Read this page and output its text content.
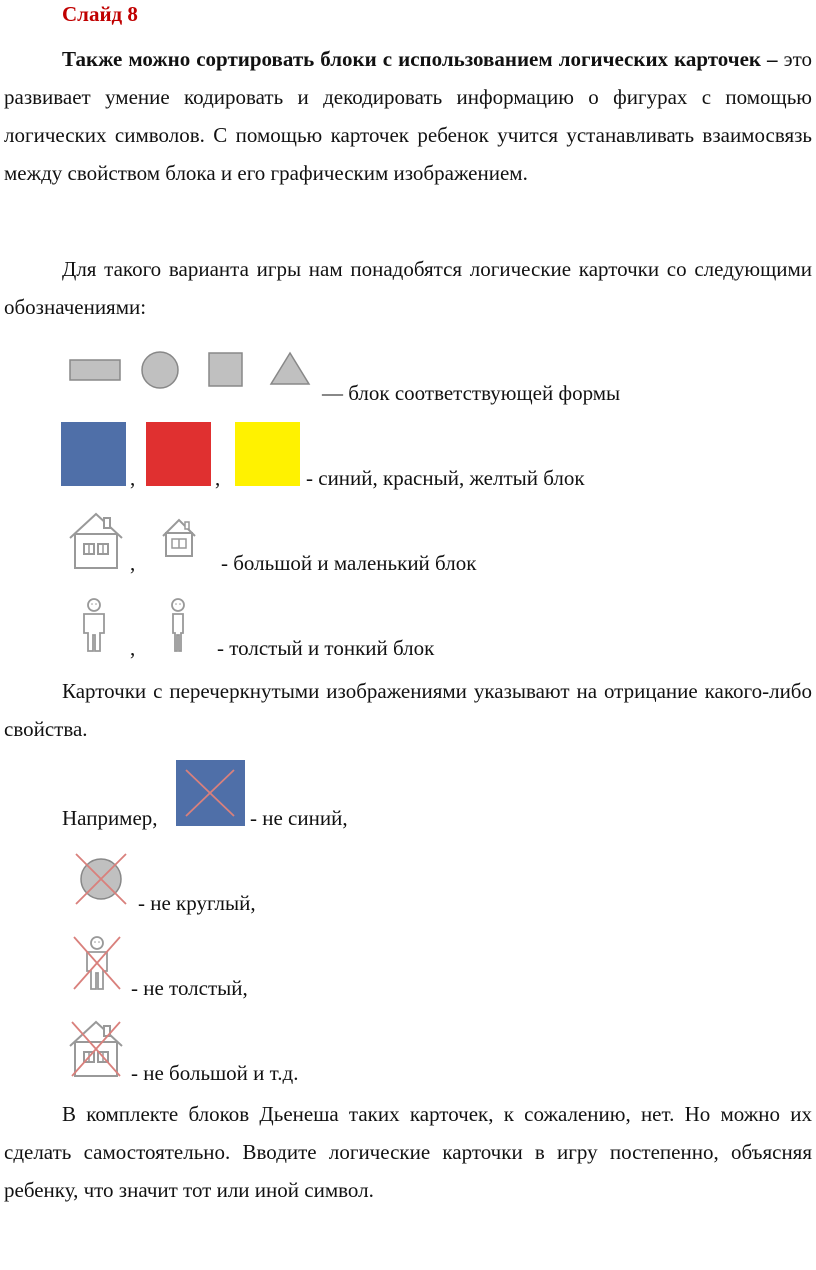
Слайд 8

Также можно сортировать блоки с использованием логических карточек – это развивает умение кодировать и декодировать информацию о фигурах с помощью логических символов. С помощью карточек ребенок учится устанавливать взаимосвязь между свойством блока и его графическим изображением.

Для такого варианта игры нам понадобятся логические карточки со следующими обозначениями:

— блок соответствующей формы
,	,	- синий, красный, желтый блок
,	- большой и маленький блок
,	- толстый и тонкий блок

Карточки с перечеркнутыми изображениями указывают на отрицание какого-либо свойства.

Например,	- не синий,
- не круглый,
- не толстый,
- не большой и т.д.

В комплекте блоков Дьенеша таких карточек, к сожалению, нет. Но можно их сделать самостоятельно. Вводите логические карточки в игру постепенно, объясняя ребенку, что значит тот или иной символ.
